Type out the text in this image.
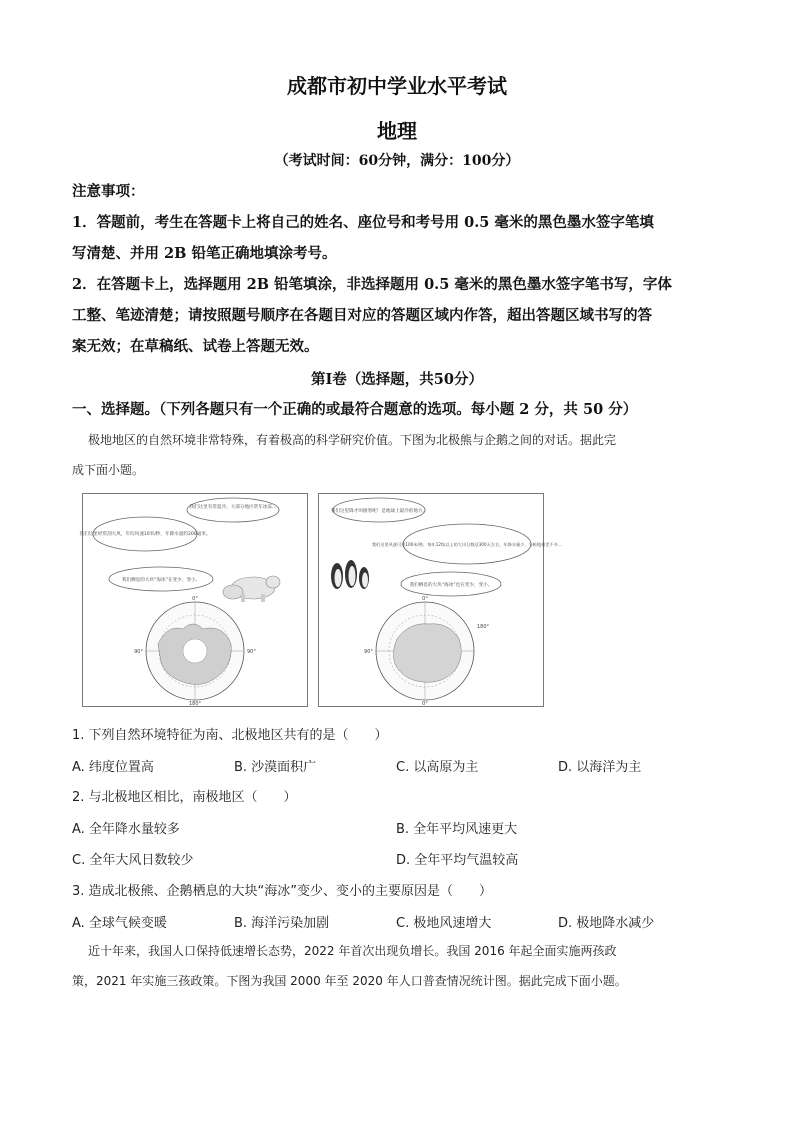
成都市初中学业水平考试
地理
（考试时间：60分钟，满分：100分）

注意事项：

1．答题前，考生在答题卡上将自己的姓名、座位号和考号用 0.5 毫米的黑色墨水签字笔填

写清楚、并用 2B 铅笔正确地填涂考号。

2．在答题卡上，选择题用 2B 铅笔填涂，非选择题用 0.5 毫米的黑色墨水签字笔书写，字体

工整、笔迹清楚；请按照题号顺序在各题目对应的答题区域内作答，超出答题区域书写的答

案无效；在草稿纸、试卷上答题无效。

第Ⅰ卷（选择题，共50分）
一、选择题。（下列各题只有一个正确的或最符合题意的选项。每小题 2 分，共 50 分）
极地地区的自然环境非常特殊，有着极高的科学研究价值。下图为北极熊与企鹅之间的对话。据此完
成下面小题。
我们这里有常夏冷、大部分地区常年冰冻…
我们这里经常刮大风，年均风速10米/秒，年降水量约200毫米。
我们栖息的大块“海冰”在变少，变小。
0°
90°
180°
90°
我们这里降才叫极寒呢！是地球上最冷的地方。
我们这里风速可达100米/秒，每年12级以上的大风日数达300天左右，年降水量少，与极地相差不多…
我们栖息的大块“海冰”也在变少，变小。
0°
90°
180°
0°
1. 下列自然环境特征为南、北极地区共有的是（　　）
A. 纬度位置高	B. 沙漠面积广	C. 以高原为主	D. 以海洋为主
2. 与北极地区相比，南极地区（　　）
A. 全年降水量较多	B. 全年平均风速更大
C. 全年大风日数较少	D. 全年平均气温较高
3. 造成北极熊、企鹅栖息的大块“海冰”变少、变小的主要原因是（　　）
A. 全球气候变暖	B. 海洋污染加剧	C. 极地风速增大	D. 极地降水减少
近十年来，我国人口保持低速增长态势，2022 年首次出现负增长。我国 2016 年起全面实施两孩政
策，2021 年实施三孩政策。下图为我国 2000 年至 2020 年人口普查情况统计图。据此完成下面小题。
